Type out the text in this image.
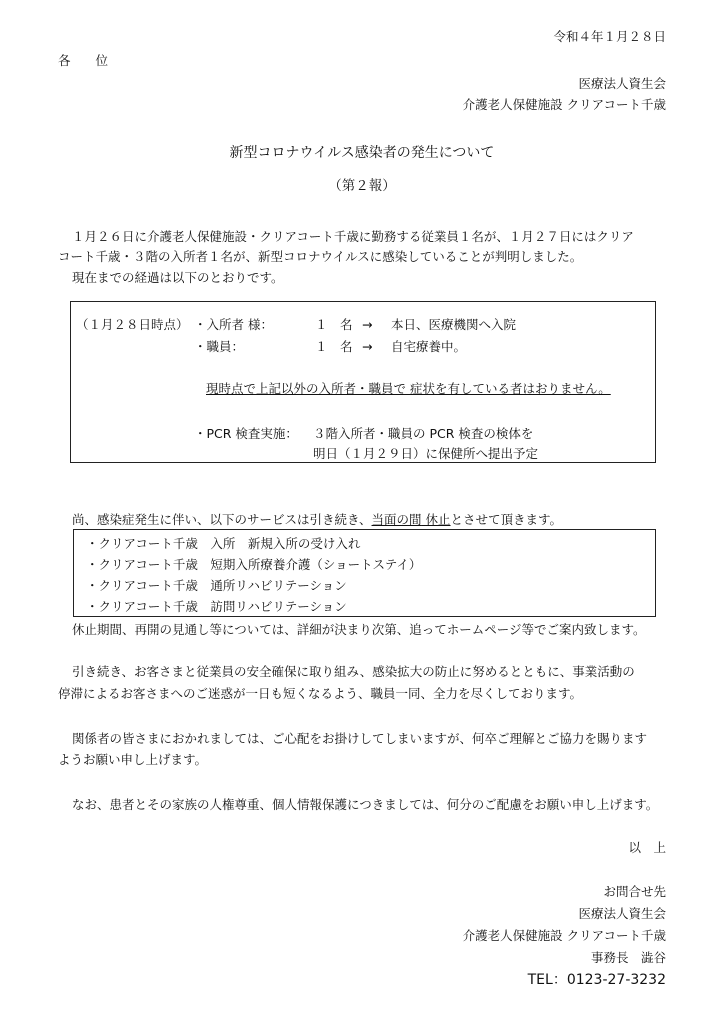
令和４年１月２８日
各　　位
医療法人資生会
介護老人保健施設 クリアコート千歳
新型コロナウイルス感染者の発生について
（第２報）
１月２６日に介護老人保健施設・クリアコート千歳に勤務する従業員１名が、１月２７日にはクリア
コート千歳・３階の入所者１名が、新型コロナウイルスに感染していることが判明しました。
現在までの経過は以下のとおりです。
（１月２８日時点） ・入所者 様：	１　名 → 本日、医療機関へ入院
・職員：	１　名 → 自宅療養中。
現時点で上記以外の入所者・職員で 症状を有している者はおりません。
・PCR 検査実施： ３階入所者・職員の PCR 検査の検体を
明日（１月２９日）に保健所へ提出予定
尚、感染症発生に伴い、以下のサービスは引き続き、当面の間 休止とさせて頂きます。
・クリアコート千歳　入所　新規入所の受け入れ
・クリアコート千歳　短期入所療養介護（ショートステイ）
・クリアコート千歳　通所リハビリテーション
・クリアコート千歳　訪問リハビリテーション
休止期間、再開の見通し等については、詳細が決まり次第、追ってホームページ等でご案内致します。
引き続き、お客さまと従業員の安全確保に取り組み、感染拡大の防止に努めるとともに、事業活動の
停滞によるお客さまへのご迷惑が一日も短くなるよう、職員一同、全力を尽くしております。
関係者の皆さまにおかれましては、ご心配をお掛けしてしまいますが、何卒ご理解とご協力を賜ります
ようお願い申し上げます。
なお、患者とその家族の人権尊重、個人情報保護につきましては、何分のご配慮をお願い申し上げます。
以　上
お問合せ先
医療法人資生会
介護老人保健施設 クリアコート千歳
事務長　澁谷
TEL：0123-27-3232
